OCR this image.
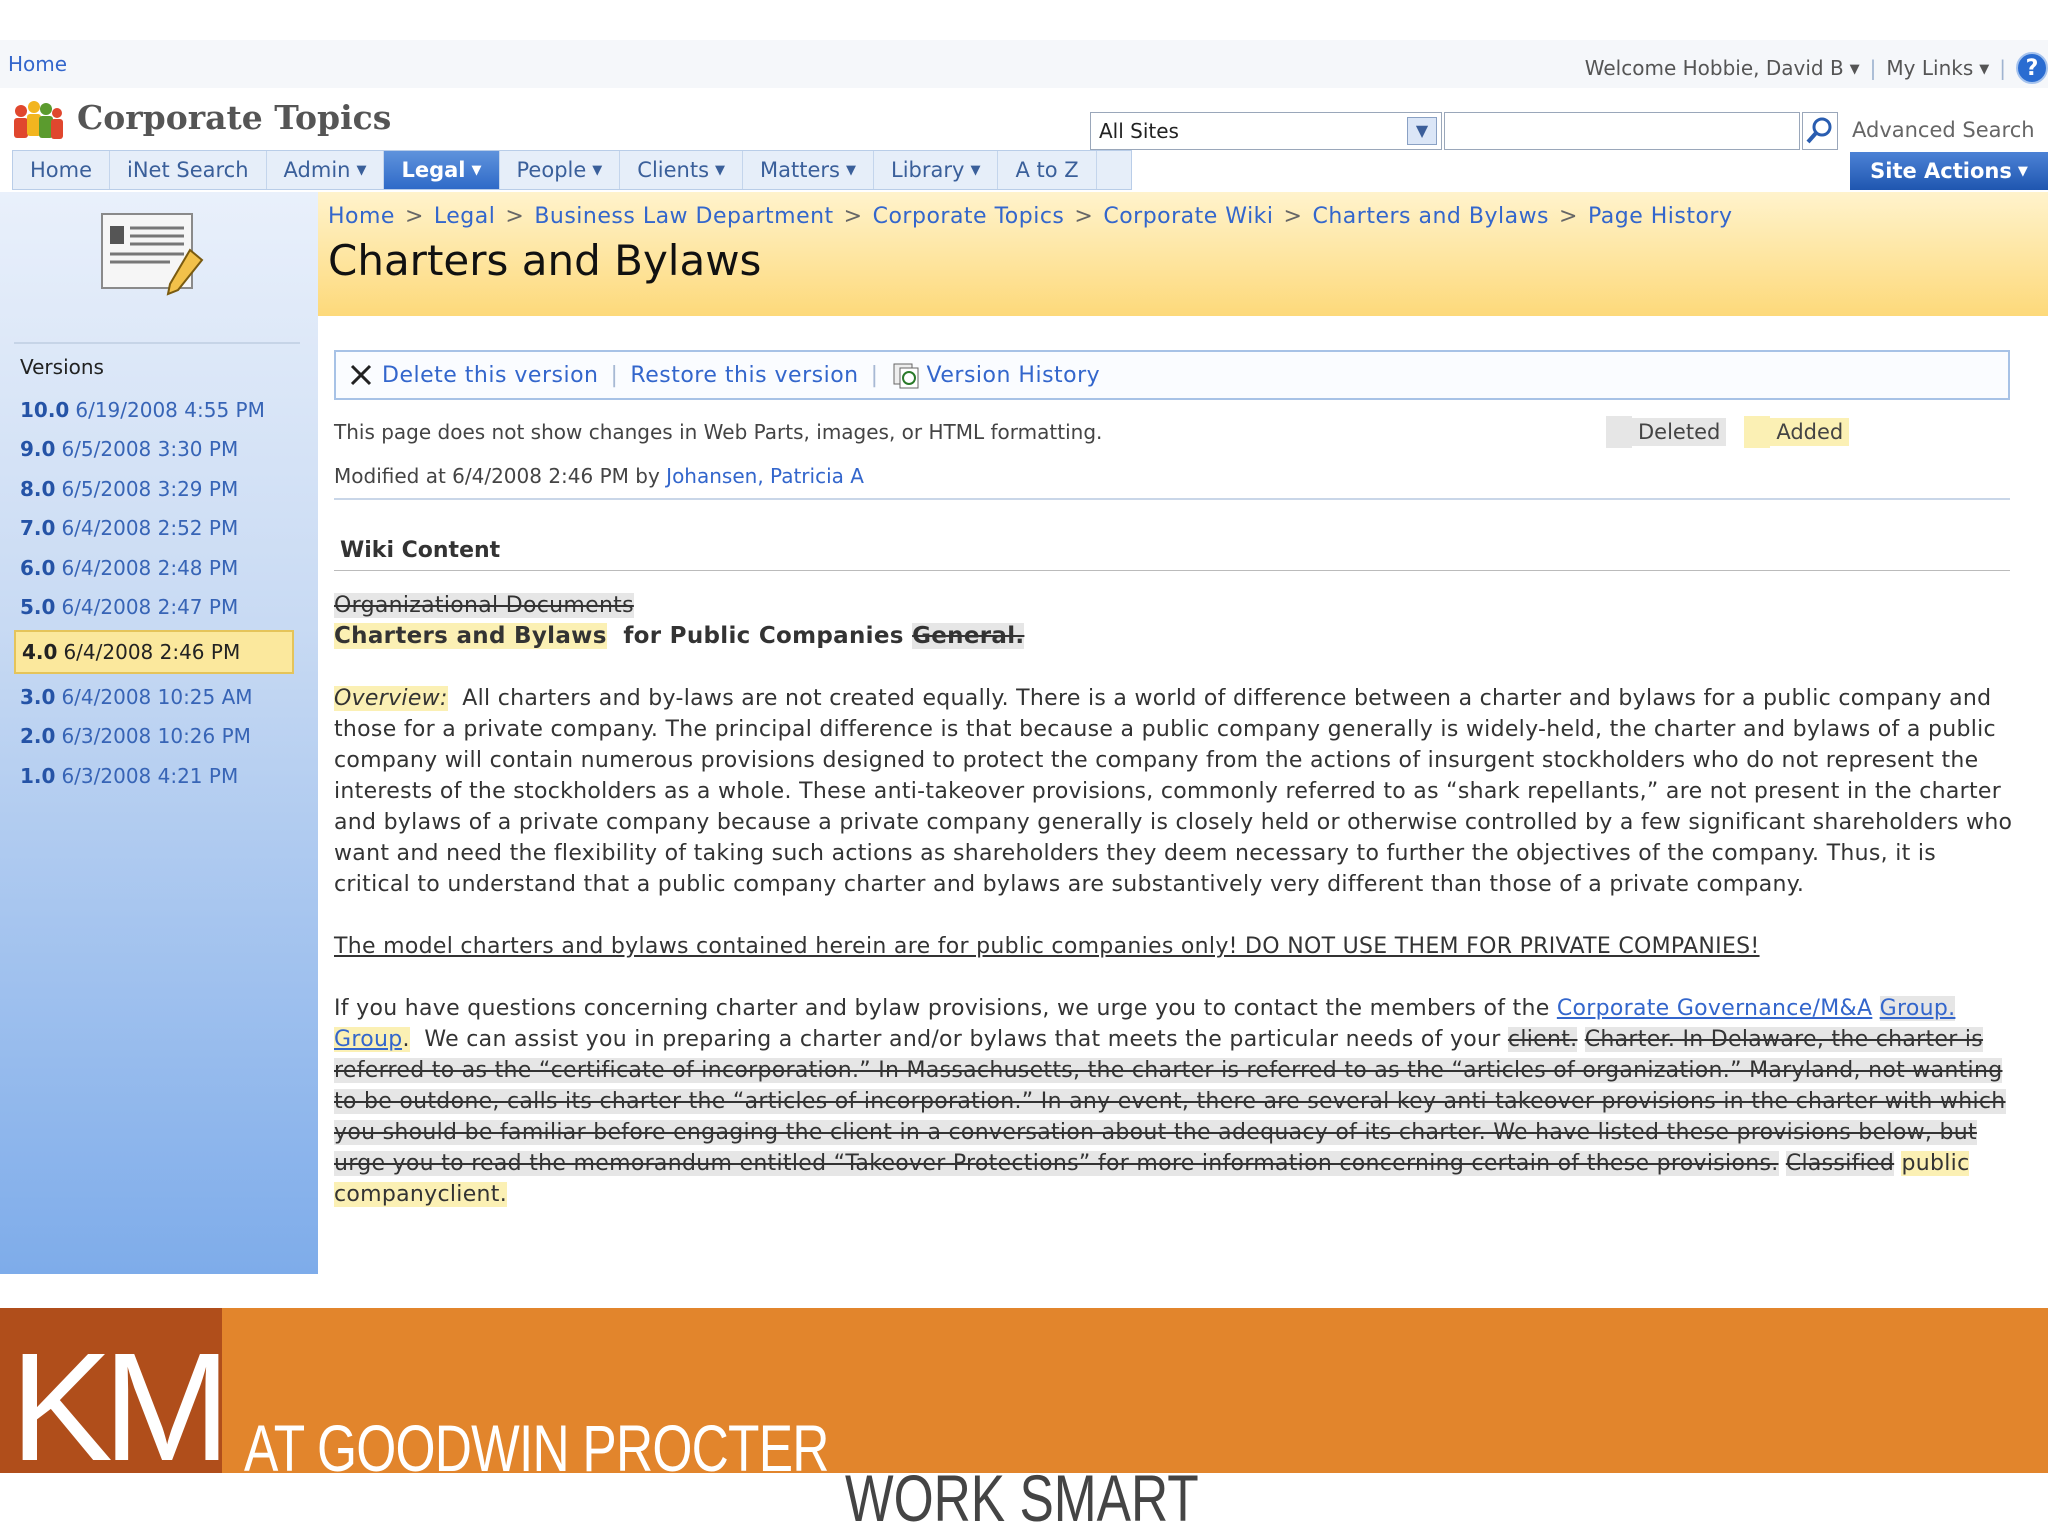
Home	Welcome Hobbie, David B ▼ | My Links ▼ | ?
Corporate Topics	All Sites	▼	Advanced Search
Home iNet Search Admin ▼ Legal ▼ People ▼ Clients ▼ Matters ▼ Library ▼ A to Z	Site Actions ▼
Versions
10.0 6/19/2008 4:55 PM
9.0 6/5/2008 3:30 PM
8.0 6/5/2008 3:29 PM
7.0 6/4/2008 2:52 PM
6.0 6/4/2008 2:48 PM
5.0 6/4/2008 2:47 PM
4.0 6/4/2008 2:46 PM
3.0 6/4/2008 10:25 AM
2.0 6/3/2008 10:26 PM
1.0 6/3/2008 4:21 PM
Home > Legal > Business Law Department > Corporate Topics > Corporate Wiki > Charters and Bylaws > Page History
Charters and Bylaws
Delete this version | Restore this version | Version History
This page does not show changes in Web Parts, images, or HTML formatting.	Deleted	Added
Modified at 6/4/2008 2:46 PM by Johansen, Patricia A
Wiki Content
Organizational Documents

Charters and Bylaws for Public Companies General.

Overview: All charters and by-laws are not created equally. There is a world of difference between a charter and bylaws for a public company and those for a private company. The principal difference is that because a public company generally is widely-held, the charter and bylaws of a public company will contain numerous provisions designed to protect the company from the actions of insurgent stockholders who do not represent the interests of the stockholders as a whole. These anti-takeover provisions, commonly referred to as “shark repellants,” are not present in the charter and bylaws of a private company because a private company generally is closely held or otherwise controlled by a few significant shareholders who want and need the flexibility of taking such actions as shareholders they deem necessary to further the objectives of the company. Thus, it is critical to understand that a public company charter and bylaws are substantively very different than those of a private company.

The model charters and bylaws contained herein are for public companies only! DO NOT USE THEM FOR PRIVATE COMPANIES!

If you have questions concerning charter and bylaw provisions, we urge you to contact the members of the Corporate Governance/M&A Group. Group. We can assist you in preparing a charter and/or bylaws that meets the particular needs of your client. Charter. In Delaware, the charter is referred to as the “certificate of incorporation.” In Massachusetts, the charter is referred to as the “articles of organization.” Maryland, not wanting to be outdone, calls its charter the “articles of incorporation.” In any event, there are several key anti-takeover provisions in the charter with which you should be familiar before engaging the client in a conversation about the adequacy of its charter. We have listed these provisions below, but urge you to read the memorandum entitled “Takeover Protections” for more information concerning certain of these provisions. Classified public companyclient.

KM AT GOODWIN PROCTER
WORK SMART
